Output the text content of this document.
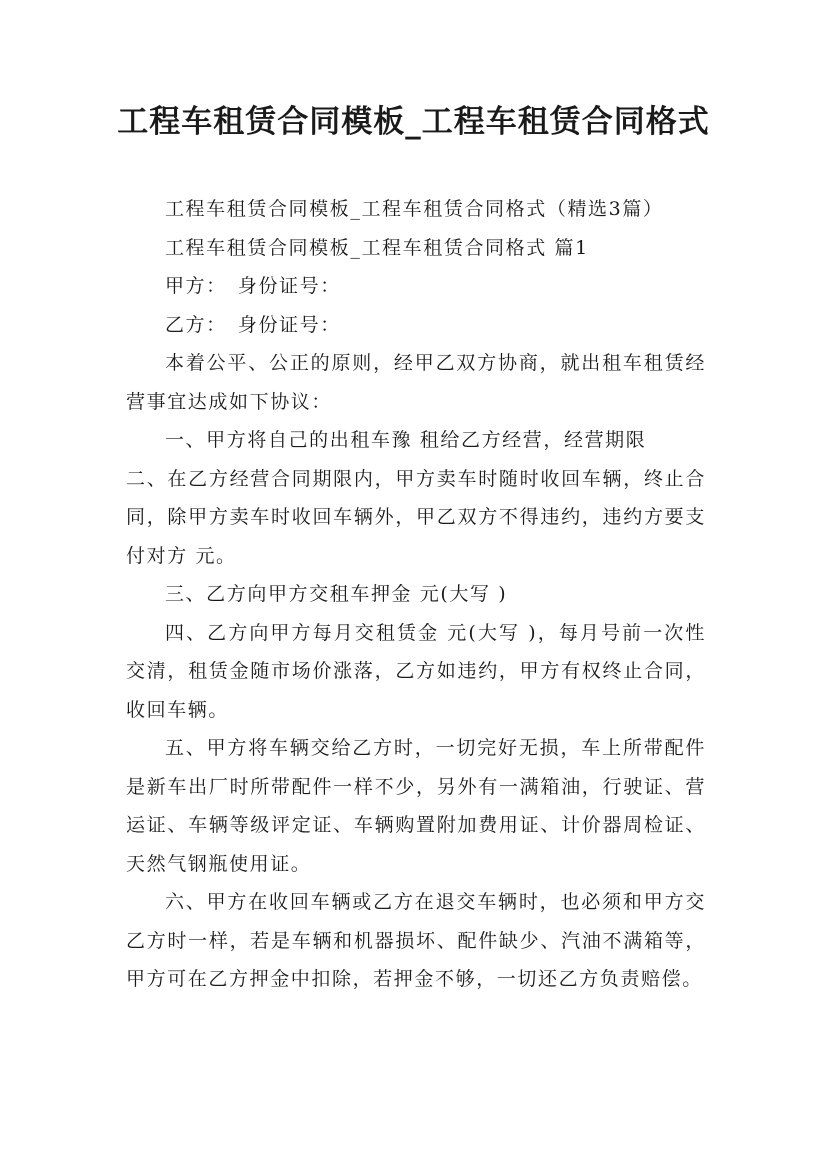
工程车租赁合同模板_工程车租赁合同格式

工程车租赁合同模板_工程车租赁合同格式（精选3篇）

工程车租赁合同模板_工程车租赁合同格式 篇1

甲方：　身份证号：

乙方：　身份证号：

本着公平、公正的原则，经甲乙双方协商，就出租车租赁经营事宜达成如下协议：

一、甲方将自己的出租车豫 租给乙方经营，经营期限

二、在乙方经营合同期限内，甲方卖车时随时收回车辆，终止合同，除甲方卖车时收回车辆外，甲乙双方不得违约，违约方要支付对方 元。

三、乙方向甲方交租车押金 元(大写 )

四、乙方向甲方每月交租赁金 元(大写 )，每月号前一次性交清，租赁金随市场价涨落，乙方如违约，甲方有权终止合同，收回车辆。

五、甲方将车辆交给乙方时，一切完好无损，车上所带配件是新车出厂时所带配件一样不少，另外有一满箱油，行驶证、营运证、车辆等级评定证、车辆购置附加费用证、计价器周检证、天然气钢瓶使用证。

六、甲方在收回车辆或乙方在退交车辆时，也必须和甲方交乙方时一样，若是车辆和机器损坏、配件缺少、汽油不满箱等，甲方可在乙方押金中扣除，若押金不够，一切还乙方负责赔偿。
